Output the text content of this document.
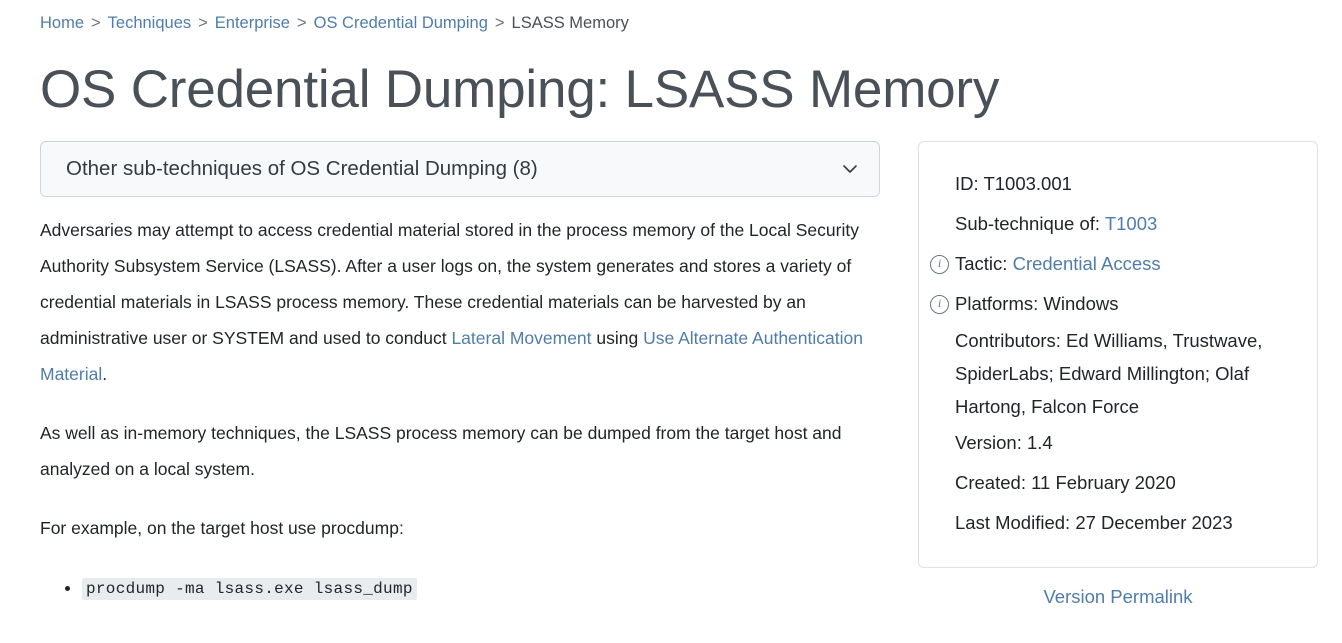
Home > Techniques > Enterprise > OS Credential Dumping > LSASS Memory
OS Credential Dumping: LSASS Memory
Other sub-techniques of OS Credential Dumping (8)

Adversaries may attempt to access credential material stored in the process memory of the Local Security Authority Subsystem Service (LSASS). After a user logs on, the system generates and stores a variety of credential materials in LSASS process memory. These credential materials can be harvested by an administrative user or SYSTEM and used to conduct Lateral Movement using Use Alternate Authentication Material.

As well as in-memory techniques, the LSASS process memory can be dumped from the target host and analyzed on a local system.

For example, on the target host use procdump:

• procdump -ma lsass.exe lsass_dump
ID: T1003.001
Sub-technique of: T1003
i Tactic: Credential Access
i Platforms: Windows
Contributors: Ed Williams, Trustwave, SpiderLabs; Edward Millington; Olaf Hartong, Falcon Force
Version: 1.4
Created: 11 February 2020
Last Modified: 27 December 2023
Version Permalink
